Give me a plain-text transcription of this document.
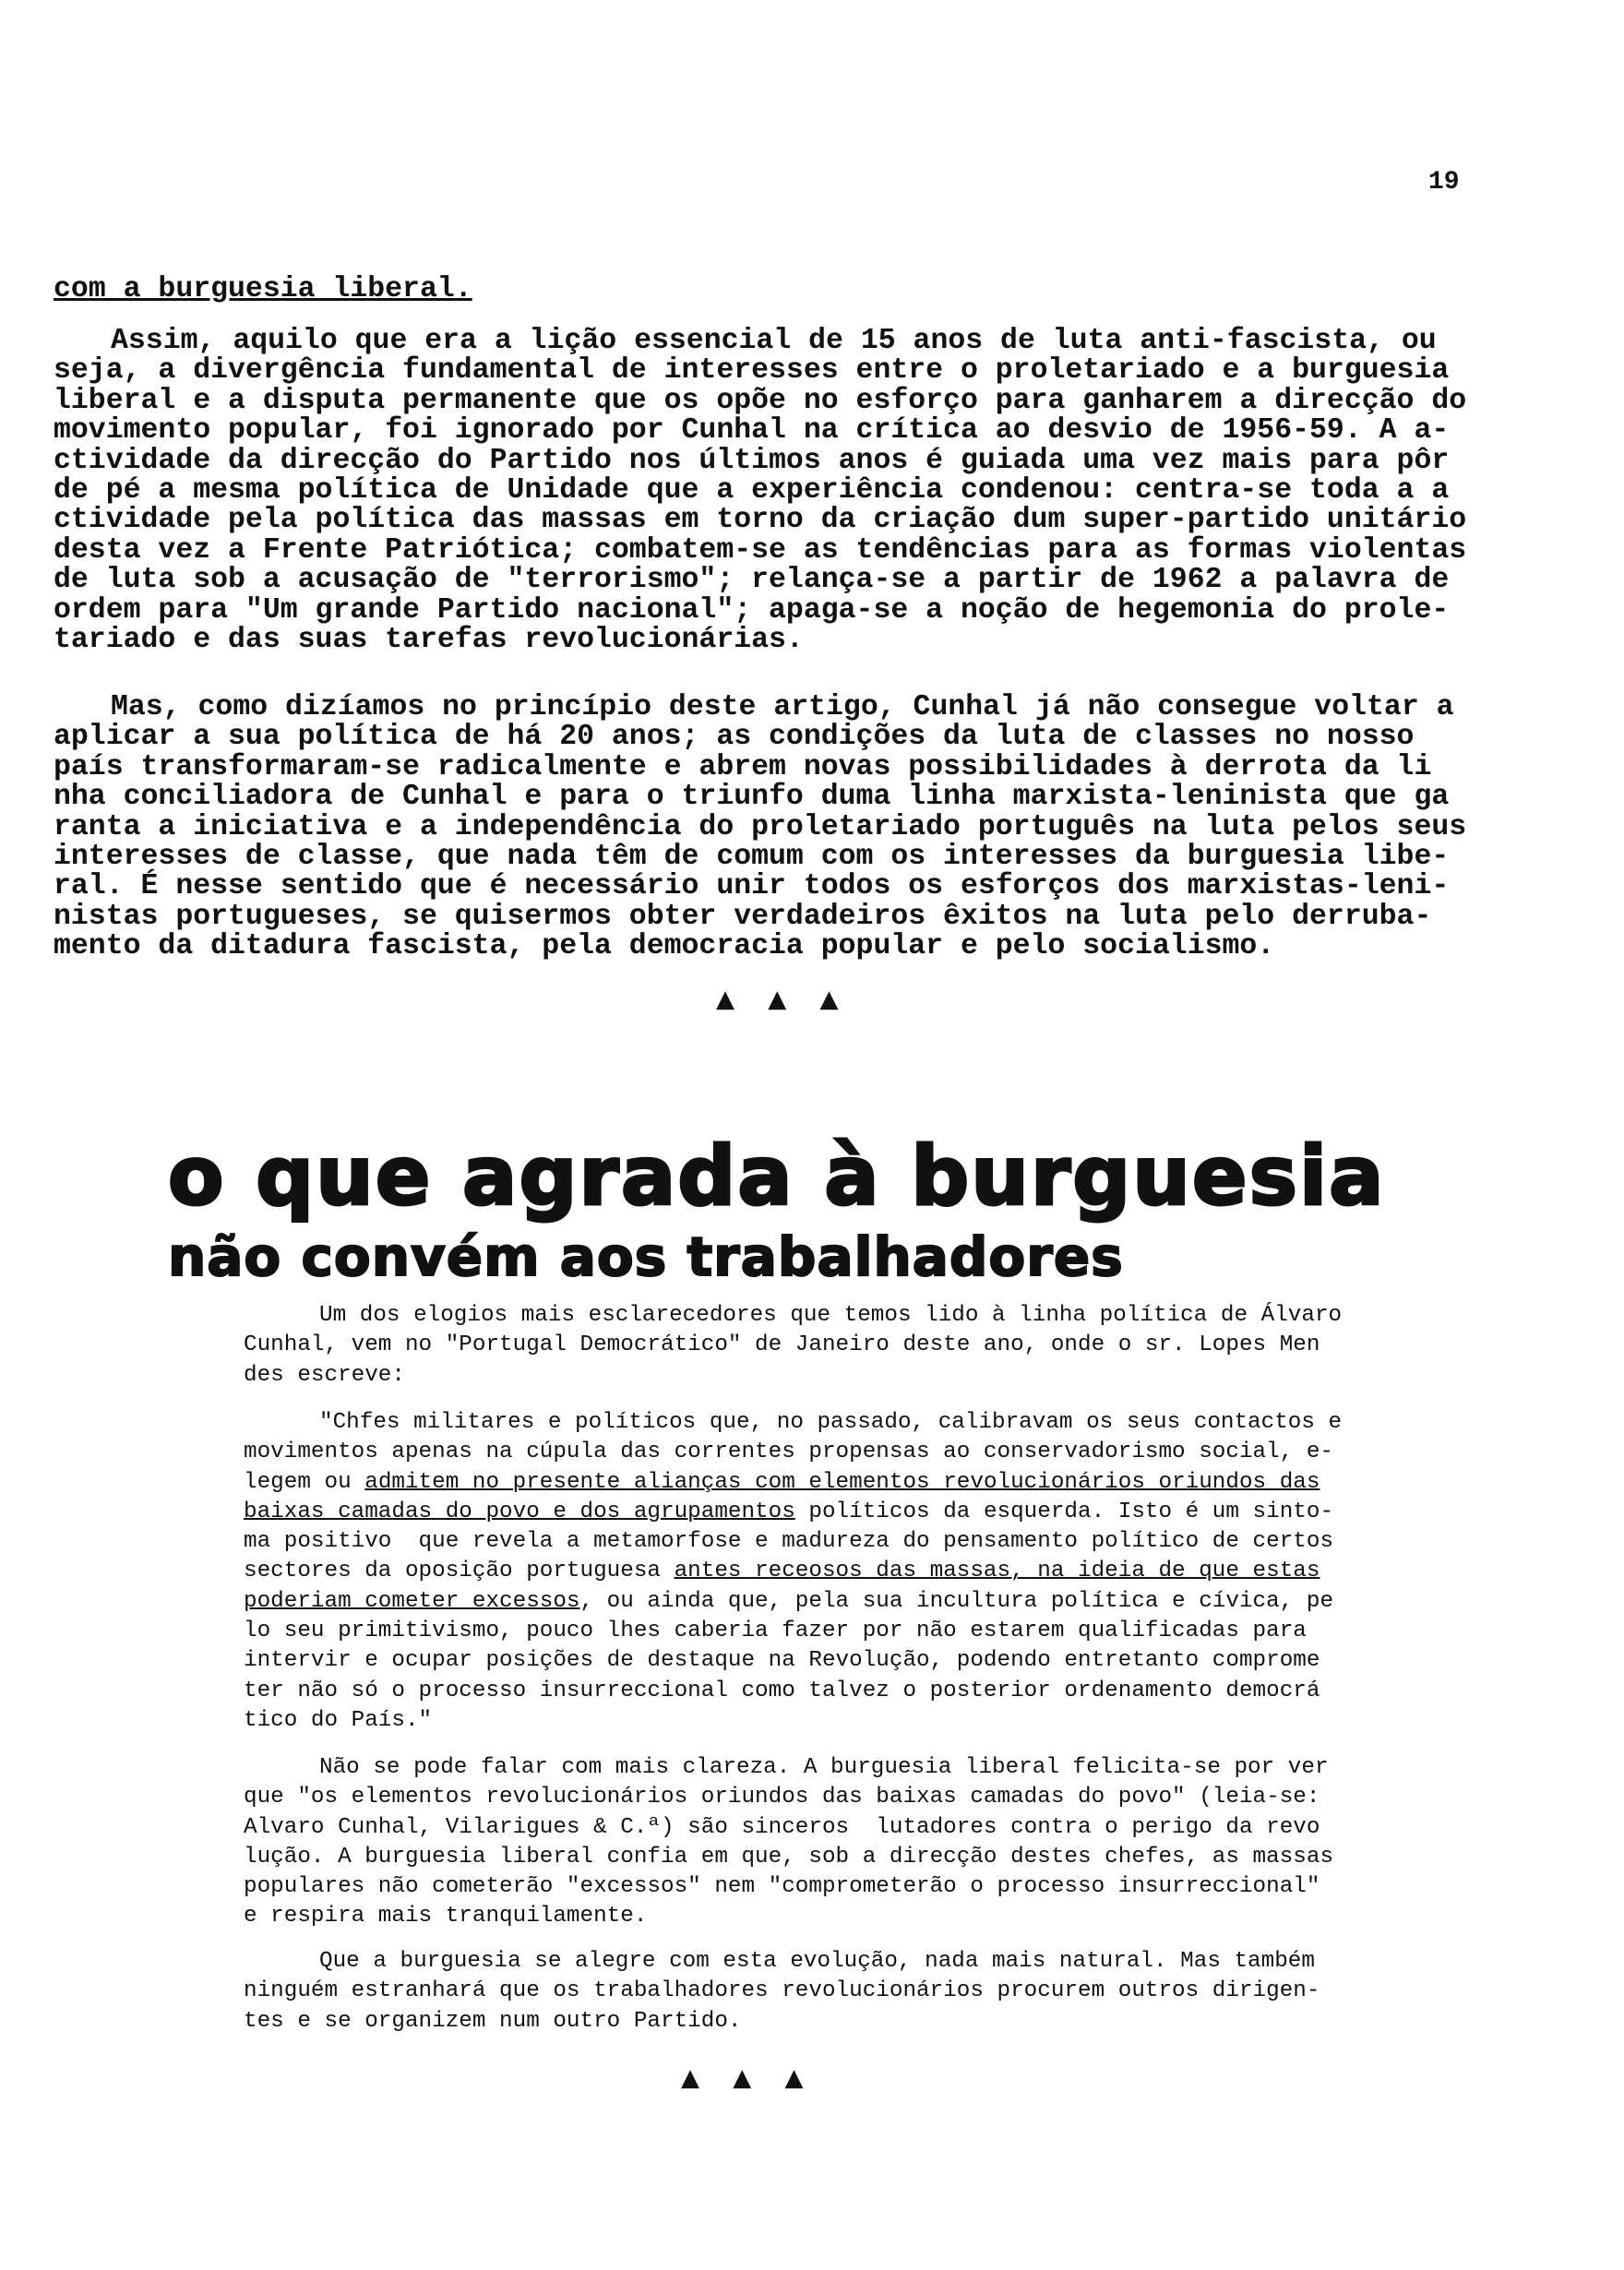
19

com a burguesia liberal.

Assim, aquilo que era a lição essencial de 15 anos de luta anti-fascista, ou
seja, a divergência fundamental de interesses entre o proletariado e a burguesia
liberal e a disputa permanente que os opõe no esforço para ganharem a direcção do
movimento popular, foi ignorado por Cunhal na crítica ao desvio de 1956-59. A a-
ctividade da direcção do Partido nos últimos anos é guiada uma vez mais para pôr
de pé a mesma política de Unidade que a experiência condenou: centra-se toda a a
ctividade pela política das massas em torno da criação dum super-partido unitário
desta vez a Frente Patriótica; combatem-se as tendências para as formas violentas
de luta sob a acusação de "terrorismo"; relança-se a partir de 1962 a palavra de
ordem para "Um grande Partido nacional"; apaga-se a noção de hegemonia do prole-
tariado e das suas tarefas revolucionárias.
Mas, como dizíamos no princípio deste artigo, Cunhal já não consegue voltar a
aplicar a sua política de há 20 anos; as condições da luta de classes no nosso
país transformaram-se radicalmente e abrem novas possibilidades à derrota da li
nha conciliadora de Cunhal e para o triunfo duma linha marxista-leninista que ga
ranta a iniciativa e a independência do proletariado português na luta pelos seus
interesses de classe, que nada têm de comum com os interesses da burguesia libe-
ral. É nesse sentido que é necessário unir todos os esforços dos marxistas-leni-
nistas portugueses, se quisermos obter verdadeiros êxitos na luta pelo derruba-
mento da ditadura fascista, pela democracia popular e pelo socialismo.
▲ ▲ ▲
o que agrada à burguesia
não convém aos trabalhadores
Um dos elogios mais esclarecedores que temos lido à linha política de Álvaro
Cunhal, vem no "Portugal Democrático" de Janeiro deste ano, onde o sr. Lopes Men
des escreve:
"Chfes militares e políticos que, no passado, calibravam os seus contactos e
movimentos apenas na cúpula das correntes propensas ao conservadorismo social, e-
legem ou admitem no presente alianças com elementos revolucionários oriundos das
baixas camadas do povo e dos agrupamentos políticos da esquerda. Isto é um sinto-
ma positivo  que revela a metamorfose e madureza do pensamento político de certos
sectores da oposição portuguesa antes receosos das massas, na ideia de que estas
poderiam cometer excessos, ou ainda que, pela sua incultura política e cívica, pe
lo seu primitivismo, pouco lhes caberia fazer por não estarem qualificadas para
intervir e ocupar posições de destaque na Revolução, podendo entretanto comprome
ter não só o processo insurreccional como talvez o posterior ordenamento democrá
tico do País."
Não se pode falar com mais clareza. A burguesia liberal felicita-se por ver
que "os elementos revolucionários oriundos das baixas camadas do povo" (leia-se:
Alvaro Cunhal, Vilarigues & C.ª) são sinceros  lutadores contra o perigo da revo
lução. A burguesia liberal confia em que, sob a direcção destes chefes, as massas
populares não cometerão "excessos" nem "comprometerão o processo insurreccional"
e respira mais tranquilamente.
Que a burguesia se alegre com esta evolução, nada mais natural. Mas também
ninguém estranhará que os trabalhadores revolucionários procurem outros dirigen-
tes e se organizem num outro Partido.
▲ ▲ ▲
